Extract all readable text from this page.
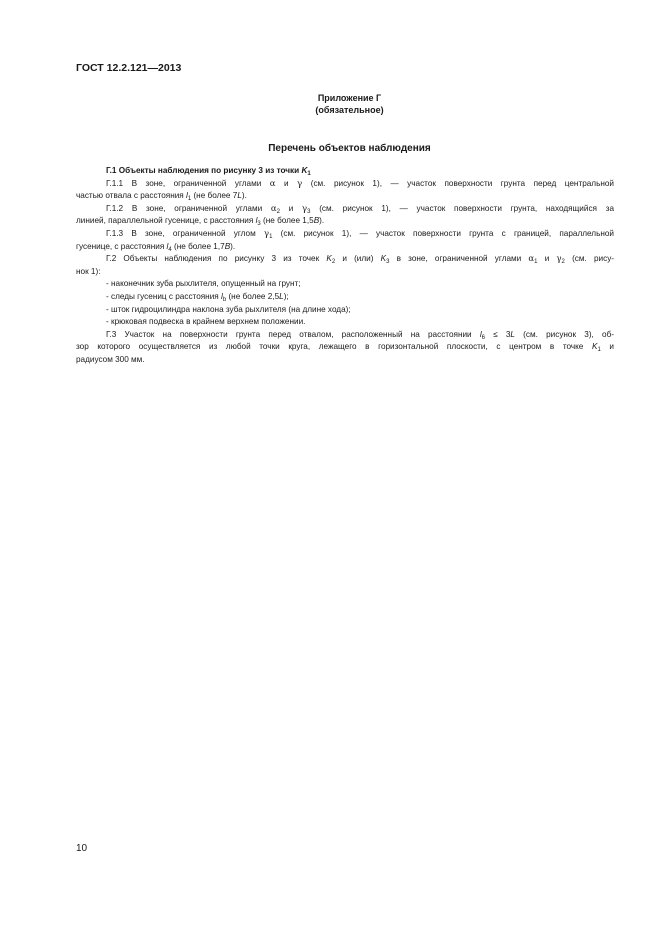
ГОСТ 12.2.121—2013
Приложение Г
(обязательное)
Перечень объектов наблюдения

Г.1 Объекты наблюдения по рисунку 3 из точки $K_1$

Г.1.1 В зоне, ограниченной углами α и γ (см. рисунок 1), — участок поверхности грунта перед центральной

частью отвала с расстояния $l_1$ (не более 7L).

Г.1.2 В зоне, ограниченной углами $\alpha_2$ и $\gamma_3$ (см. рисунок 1), — участок поверхности грунта, находящийся за

линией, параллельной гусенице, с расстояния $l_3$ (не более 1,5B).

Г.1.3 В зоне, ограниченной углом $\gamma_1$ (см. рисунок 1), — участок поверхности грунта с границей, параллельной

гусенице, с расстояния $l_4$ (не более 1,7B).

Г.2 Объекты наблюдения по рисунку 3 из точек $K_2$ и (или) $K_3$ в зоне, ограниченной углами $\alpha_1$ и $\gamma_2$ (см. рису-

нок 1):

- наконечник зуба рыхлителя, опущенный на грунт;

- следы гусениц с расстояния $l_b$ (не более 2,5L);

- шток гидроцилиндра наклона зуба рыхлителя (на длине хода);

- крюковая подвеска в крайнем верхнем положении.

Г.3 Участок на поверхности грунта перед отвалом, расположенный на расстоянии $l_6 \le 3L$ (см. рисунок 3), об-

зор которого осуществляется из любой точки круга, лежащего в горизонтальной плоскости, с центром в точке $K_1$ и

радиусом 300 мм.

10
